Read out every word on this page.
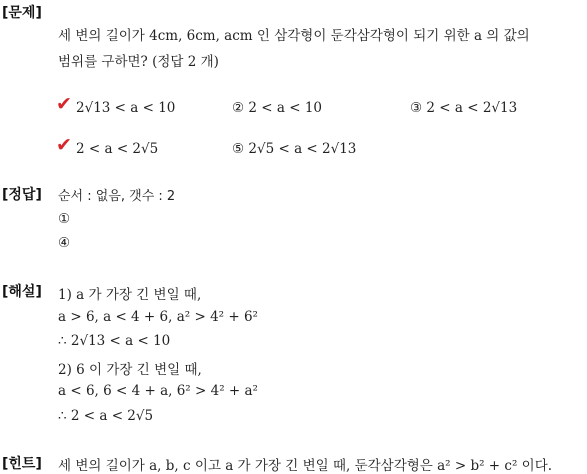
[문제]
세 변의 길이가 4cm, 6cm, acm 인 삼각형이 둔각삼각형이 되기 위한 a 의 값의
범위를 구하면? (정답 2 개)
✔ 2√13 < a < 10	② 2 < a < 10	③ 2 < a < 2√13
✔ 2 < a < 2√5	⑤ 2√5 < a < 2√13
[정답] 순서 : 없음, 갯수 : 2
①
④
[해설] 1) a 가 가장 긴 변일 때,
a > 6, a < 4 + 6, a² > 4² + 6²
∴ 2√13 < a < 10
2) 6 이 가장 긴 변일 때,
a < 6, 6 < 4 + a, 6² > 4² + a²
∴ 2 < a < 2√5
[힌트] 세 변의 길이가 a, b, c 이고 a 가 가장 긴 변일 때, 둔각삼각형은 a² > b² + c² 이다.
